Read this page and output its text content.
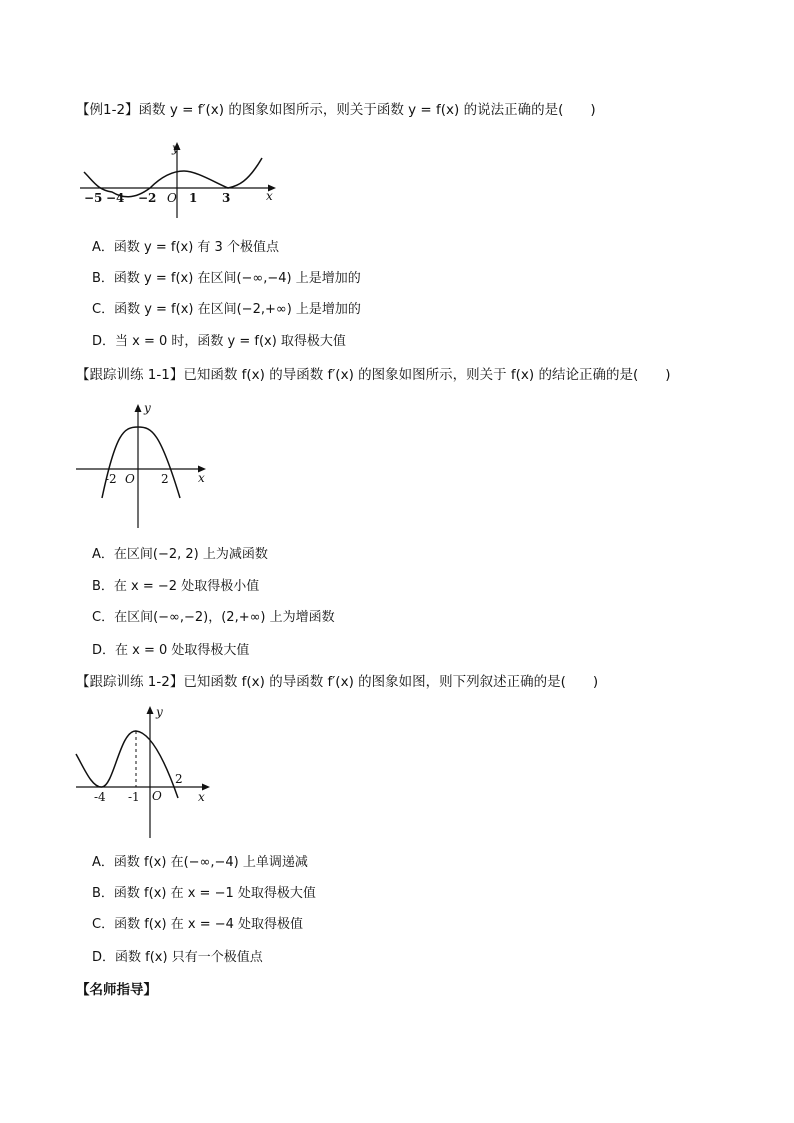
【例1-2】函数 y = f′(x) 的图象如图所示，则关于函数 y = f(x) 的说法正确的是(　　)
y
x
O
−5 −4 −2	1 3
A．函数 y = f(x) 有 3 个极值点
B．函数 y = f(x) 在区间(−∞,−4) 上是增加的
C．函数 y = f(x) 在区间(−2,+∞) 上是增加的
D．当 x = 0 时，函数 y = f(x) 取得极大值
【跟踪训练 1-1】已知函数 f(x) 的导函数 f′(x) 的图象如图所示，则关于 f(x) 的结论正确的是(　　)
y
x
O
-2	2
A．在区间(−2, 2) 上为减函数
B．在 x = −2 处取得极小值
C．在区间(−∞,−2)，(2,+∞) 上为增函数
D．在 x = 0 处取得极大值
【跟踪训练 1-2】已知函数 f(x) 的导函数 f′(x) 的图象如图，则下列叙述正确的是(　　)
y
x
O
-4 -1
2
A．函数 f(x) 在(−∞,−4) 上单调递减
B．函数 f(x) 在 x = −1 处取得极大值
C．函数 f(x) 在 x = −4 处取得极值
D．函数 f(x) 只有一个极值点
【名师指导】
